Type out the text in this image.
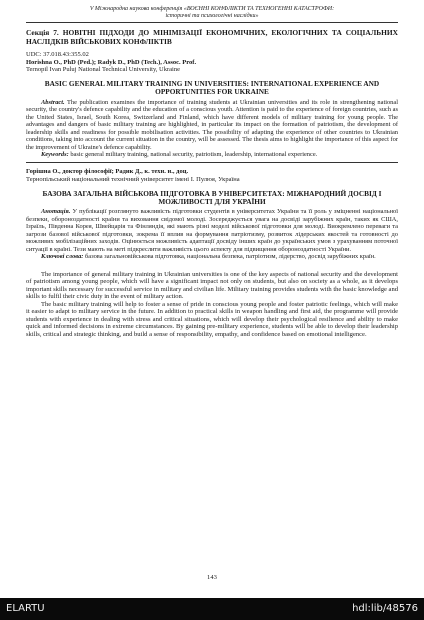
V Міжнародна наукова конференція «ВОЄННІ КОНФЛІКТИ ТА ТЕХНОГЕННІ КАТАСТРОФИ:

історичні та психологічні наслідки»

Секція 7. НОВІТНІ ПІДХОДИ ДО МІНІМІЗАЦІЇ ЕКОНОМІЧНИХ, ЕКОЛОГІЧНИХ ТА СОЦІАЛЬНИХ НАСЛІДКІВ ВІЙСЬКОВИХ КОНФЛІКТІВ

UDC: 37.018.43:355.02

Horishna O., PhD (Ped.); Radyk D., PhD (Tech.), Assoc. Prof.

Ternopil Ivan Puluj National Technical University, Ukraine

BASIC GENERAL MILITARY TRAINING IN UNIVERSITIES: INTERNATIONAL EXPERIENCE AND OPPORTUNITIES FOR UKRAINE

Abstract. The publication examines the importance of training students at Ukrainian universities and its role in strengthening national security, the country's defence capability and the education of a conscious youth. Attention is paid to the experience of foreign countries, such as the United States, Israel, South Korea, Switzerland and Finland, which have different models of military training for young people. The advantages and dangers of basic military training are highlighted, in particular its impact on the formation of patriotism, the development of leadership skills and readiness for possible mobilisation activities. The possibility of adapting the experience of other countries to Ukrainian conditions, taking into account the current situation in the country, will be assessed. The thesis aims to highlight the importance of this aspect for the improvement of Ukraine's defence capability.

Keywords: basic general military training, national security, patriotism, leadership, international experience.

Горішна О., доктор філософії; Радик Д., к. техн. н., доц.

Тернопільський національний технічний університет імені І. Пулюя, Україна

БАЗОВА ЗАГАЛЬНА ВІЙСЬКОВА ПІДГОТОВКА В УНІВЕРСИТЕТАХ: МІЖНАРОДНИЙ ДОСВІД І МОЖЛИВОСТІ ДЛЯ УКРАЇНИ

Анотація. У публікації розглянуто важливість підготовки студентів в університетах України та її роль у зміцненні національної безпеки, обороноздатності країни та виховання свідомої молоді. Зосереджується увага на досвіді зарубіжних країн, таких як США, Ізраїль, Південна Корея, Швейцарія та Фінляндія, які мають різні моделі військової підготовки для молоді. Виокремлено переваги та загрози базової військової підготовки, зокрема її вплив на формування патріотизму, розвиток лідерських якостей та готовності до можливих мобілізаційних заходів. Оцінюється можливість адаптації досвіду інших країн до українських умов з урахуванням поточної ситуації в країні. Тези мають на меті підкреслити важливість цього аспекту для підвищення обороноздатності України.

Ключові слова: базова загальновійськова підготовка, національна безпека, патріотизм, лідерство, досвід зарубіжних країн.

The importance of general military training in Ukrainian universities is one of the key aspects of national security and the development of patriotism among young people, which will have a significant impact not only on students, but also on society as a whole, as it develops important skills necessary for successful service in military and civilian life. Military training provides students with the basic knowledge and skills to fulfil their civic duty in the event of military action.

The basic military training will help to foster a sense of pride in conscious young people and foster patriotic feelings, which will make it easier to adapt to military service in the future. In addition to practical skills in weapon handling and first aid, the programme will provide students with experience in dealing with stress and critical situations, which will develop their psychological resilience and ability to make quick and informed decisions in extreme circumstances. By gaining pre-military experience, students will be able to develop their leadership skills, critical and strategic thinking, and build a sense of responsibility, empathy, and confidence based on emotional intelligence.

143
ELARTU	hdl:lib/48576
